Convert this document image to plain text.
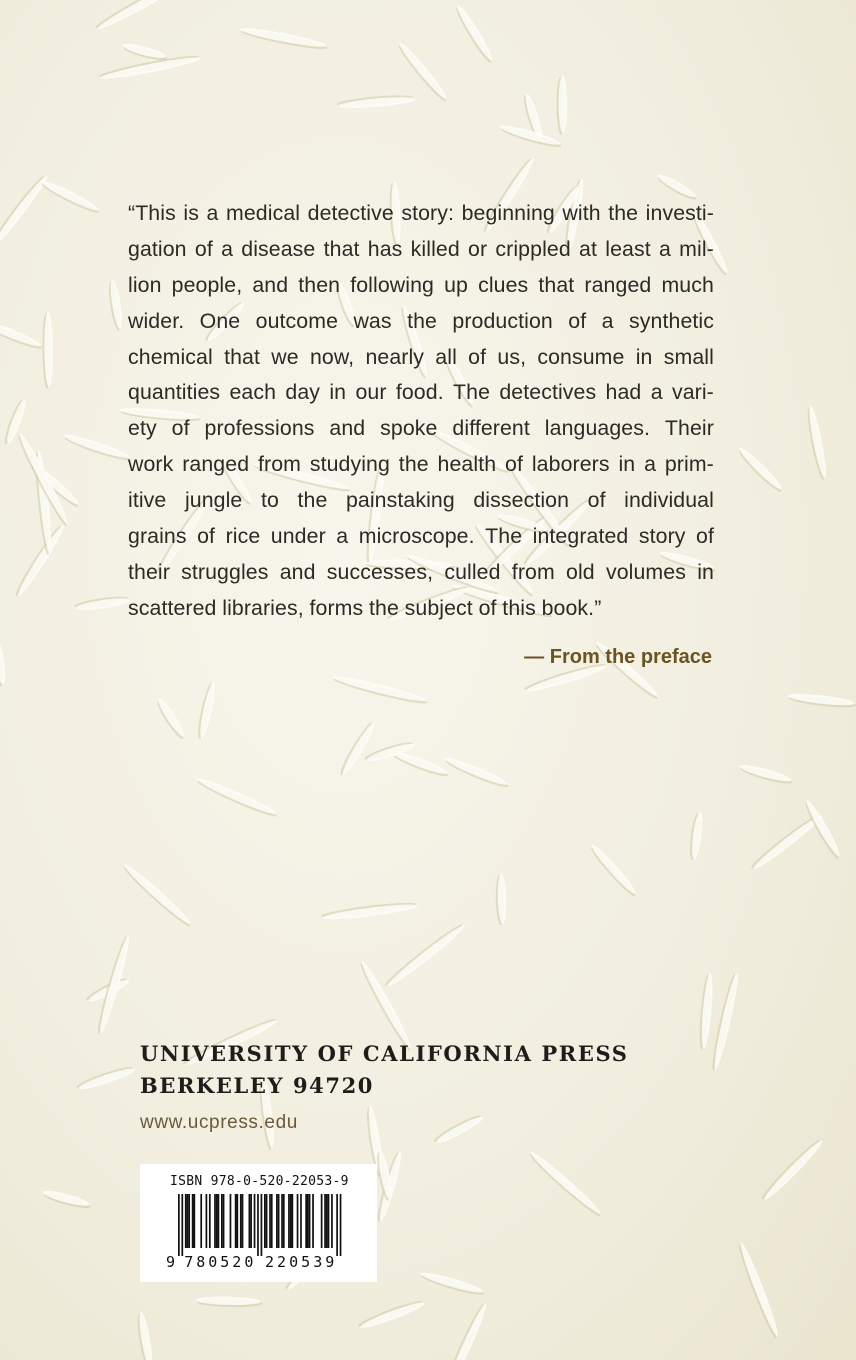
“This is a medical detective story: beginning with the investi-
gation of a disease that has killed or crippled at least a mil-
lion people, and then following up clues that ranged much
wider. One outcome was the production of a synthetic
chemical that we now, nearly all of us, consume in small
quantities each day in our food. The detectives had a vari-
ety of professions and spoke different languages. Their
work ranged from studying the health of laborers in a prim-
itive jungle to the painstaking dissection of individual
grains of rice under a microscope. The integrated story of
their struggles and successes, culled from old volumes in
scattered libraries, forms the subject of this book.”
— From the preface
UNIVERSITY OF CALIFORNIA PRESS
BERKELEY 94720
www.ucpress.edu
ISBN 978-0-520-22053-9
9 7 8 0 5 2 0 2 2 0 5 3 9
